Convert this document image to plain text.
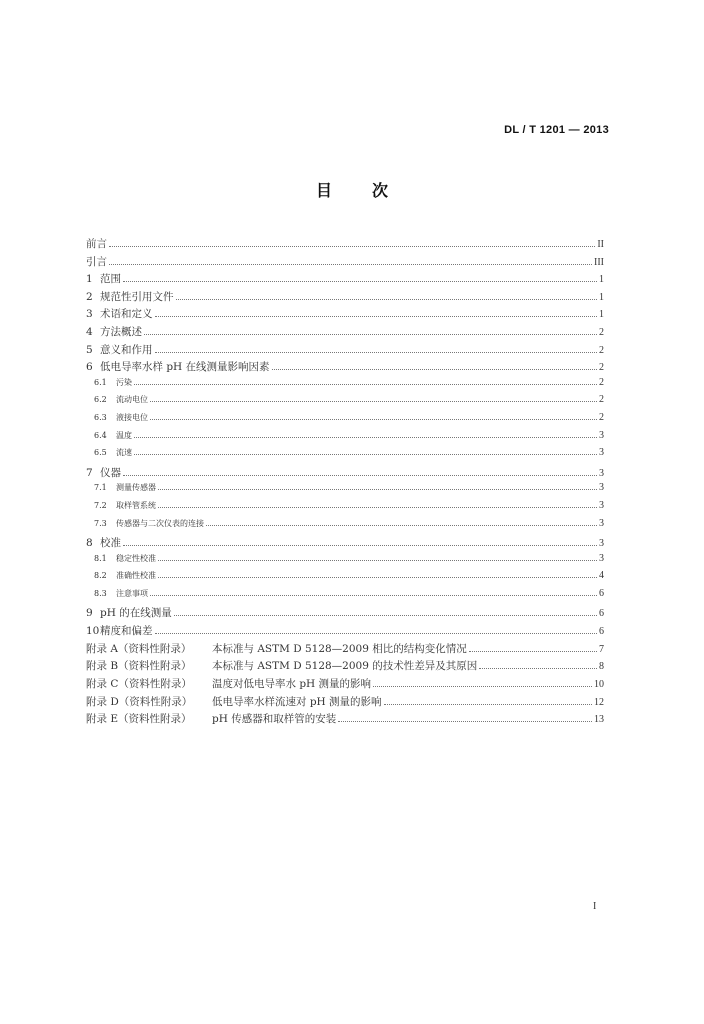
DL / T 1201 — 2013
目次
前言	II
引言	III
1 范围	1
2 规范性引用文件	1
3 术语和定义	1
4 方法概述	2
5 意义和作用	2
6 低电导率水样 pH 在线测量影响因素	2
6.1	污染	2
6.2	流动电位	2
6.3	液接电位	2
6.4	温度	3
6.5	流速	3
7 仪器	3
7.1	测量传感器	3
7.2	取样管系统	3
7.3	传感器与二次仪表的连接	3
8 校准	3
8.1	稳定性校准	3
8.2	准确性校准	4
8.3	注意事项	6
9 pH 的在线测量	6
10 精度和偏差	6
附录 A（资料性附录）	本标准与 ASTM D 5128—2009 相比的结构变化情况	7
附录 B（资料性附录）	本标准与 ASTM D 5128—2009 的技术性差异及其原因	8
附录 C（资料性附录）	温度对低电导率水 pH 测量的影响	10
附录 D（资料性附录）	低电导率水样流速对 pH 测量的影响	12
附录 E（资料性附录）	pH 传感器和取样管的安装	13
I
